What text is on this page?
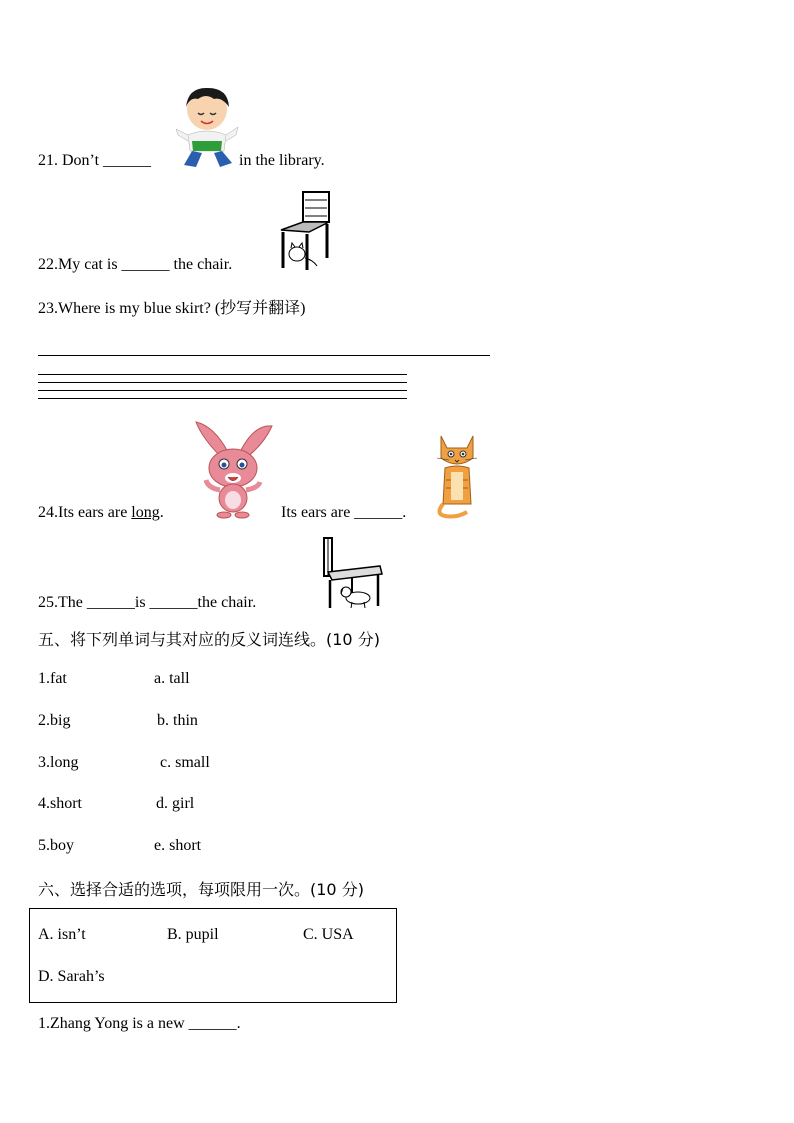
21. Don’t ______	in the library.
22.My cat is ______ the chair.
23.Where is my blue skirt? (抄写并翻译)
24.Its ears are long.	Its ears are ______.
25.The ______is ______the chair.
五、将下列单词与其对应的反义词连线。(10 分)
1.fat	a. tall
2.big	b. thin
3.long	c. small
4.short	d. girl
5.boy	e. short
六、选择合适的选项，每项限用一次。(10 分)
A. isn’t	B. pupil	C. USA
D. Sarah’s
1.Zhang Yong is a new ______.
